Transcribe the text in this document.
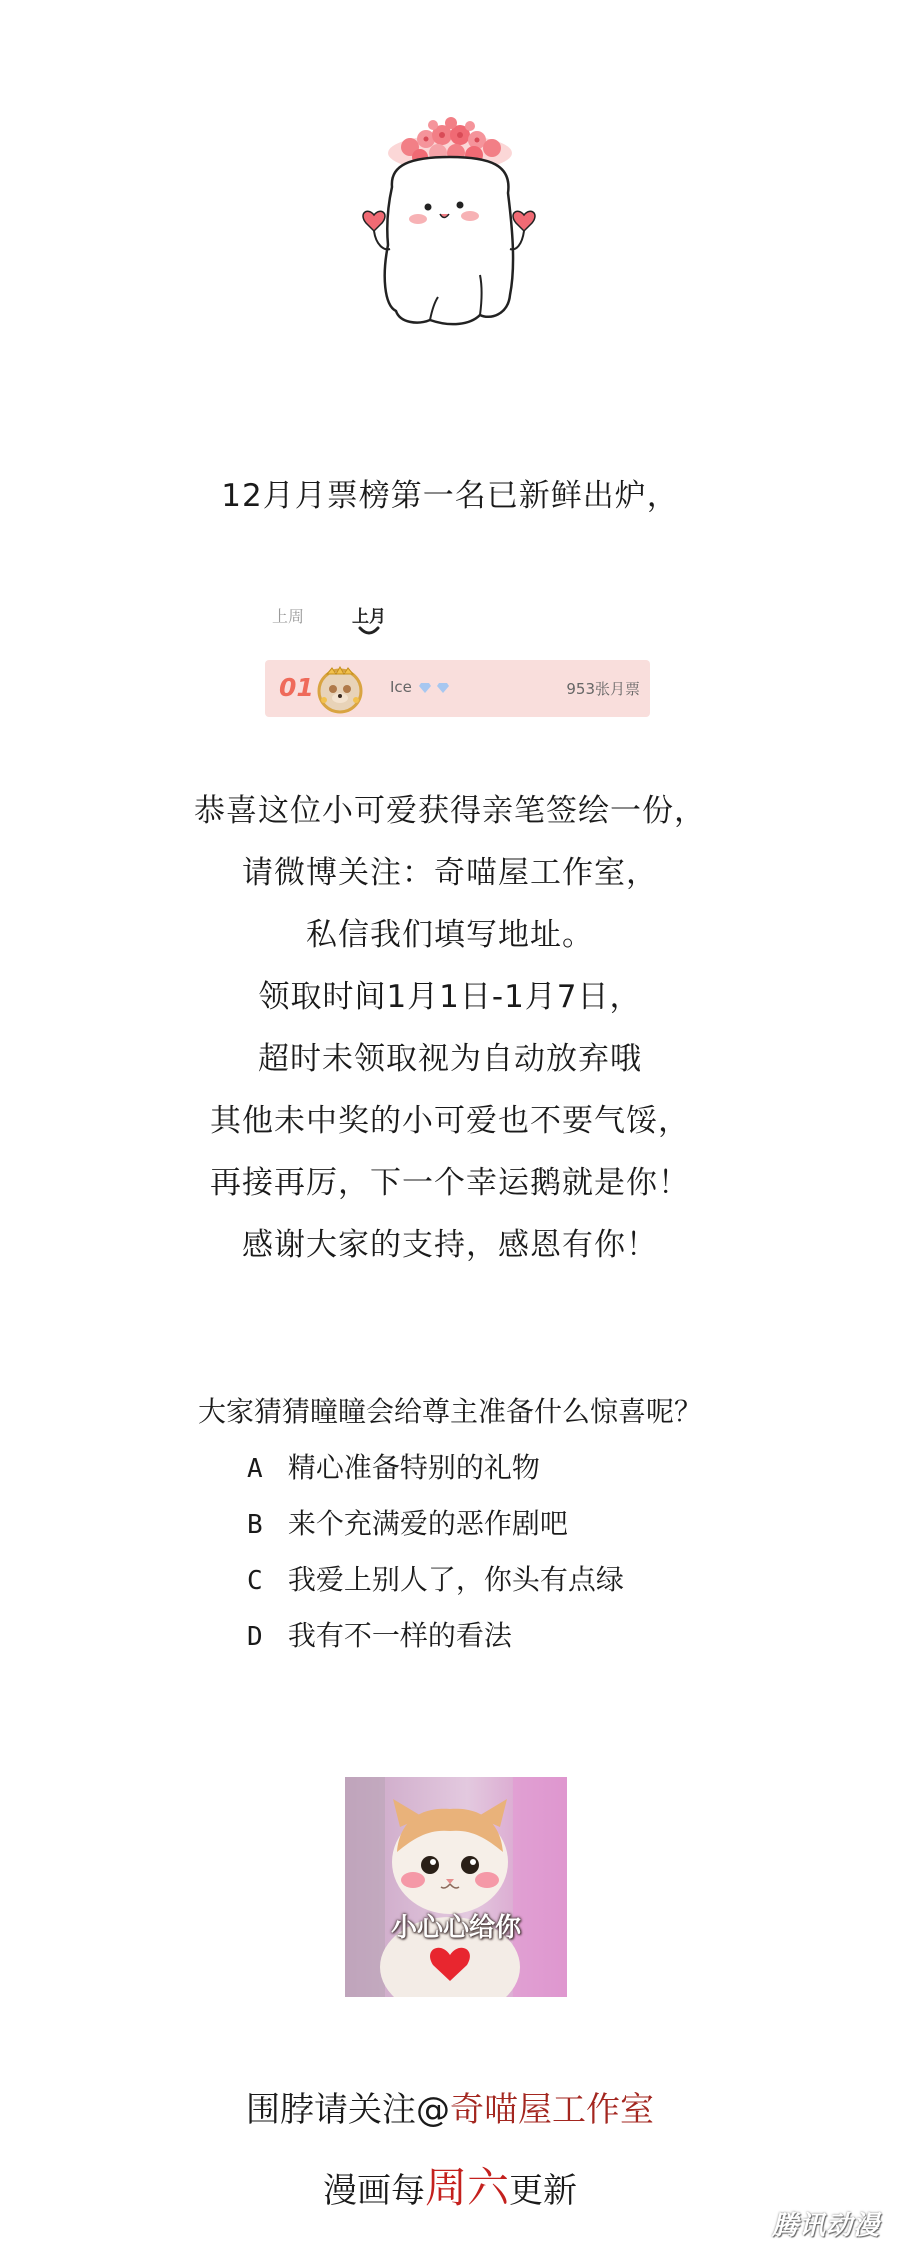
12月月票榜第一名已新鲜出炉，
上周	上月
01	Ice	953张月票
恭喜这位小可爱获得亲笔签绘一份，
请微博关注：奇喵屋工作室，
私信我们填写地址。
领取时间1月1日-1月7日，
超时未领取视为自动放弃哦
其他未中奖的小可爱也不要气馁，
再接再厉，下一个幸运鹅就是你！
感谢大家的支持，感恩有你！
大家猜猜瞳瞳会给尊主准备什么惊喜呢？
A 精心准备特别的礼物
B 来个充满爱的恶作剧吧
C 我爱上别人了，你头有点绿
D 我有不一样的看法
小心心给你
围脖请关注@奇喵屋工作室
漫画每周六更新
腾讯动漫
